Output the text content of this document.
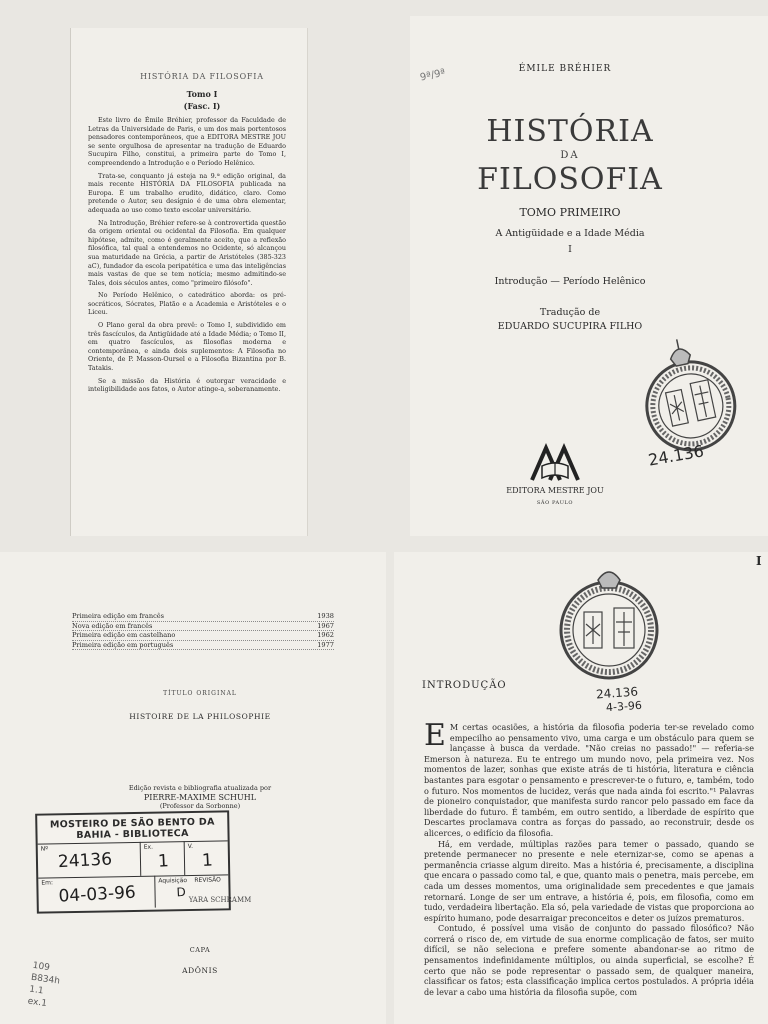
HISTÓRIA DA FILOSOFIA
Tomo I
(Fasc. I)

Este livro de Émile Bréhier, professor da Faculdade de Letras da Universidade de Paris, e um dos mais portentosos pensadores contemporâneos, que a EDITORA MESTRE JOU se sente orgulhosa de apresentar na tradução de Eduardo Sucupira Filho, constitui, a primeira parte do Tomo I, compreendendo a Introdução e o Período Helênico.

Trata-se, conquanto já esteja na 9.ª edição original, da mais recente HISTÓRIA DA FILOSOFIA publicada na Europa. É um trabalho erudito, didático, claro. Como pretende o Autor, seu desígnio é de uma obra elementar, adequada ao uso como texto escolar universitário.

Na Introdução, Bréhier refere-se à controvertida questão da origem oriental ou ocidental da Filosofia. Em qualquer hipótese, admite, como é geralmente aceito, que a reflexão filosófica, tal qual a entendemos no Ocidente, só alcançou sua maturidade na Grécia, a partir de Aristóteles (385-323 aC), fundador da escola peripatética e uma das inteligências mais vastas de que se tem notícia; mesmo admitindo-se Tales, dois séculos antes, como "primeiro filósofo".

No Período Helênico, o catedrático aborda: os pré-socráticos, Sócrates, Platão e a Academia e Aristóteles e o Liceu.

O Plano geral da obra prevê: o Tomo I, subdividido em três fascículos, da Antigüidade até a Idade Média; o Tomo II, em quatro fascículos, as filosofias moderna e contemporânea, e ainda dois suplementos: A Filosofia no Oriente, de P. Masson-Oursel e a Filosofia Bizantina por B. Tatakis.

Se a missão da História é outorgar veracidade e inteligibilidade aos fatos, o Autor atinge-a, soberanamente.

9ª/9ª	ÉMILE BRÉHIER
HISTÓRIA
DA
FILOSOFIA
TOMO PRIMEIRO
A Antigüidade e a Idade Média
I
Introdução — Período Helênico
Tradução de
EDUARDO SUCUPIRA FILHO
24.136
EDITORA MESTRE JOU
SÃO PAULO
Primeira edição em francês	1938
Nova edição em francês	1967
Primeira edição em castelhano	1962
Primeira edição em português	1977
TÍTULO ORIGINAL
HISTOIRE DE LA PHILOSOPHIE
Edição revista e bibliografia atualizada por
PIERRE-MAXIME SCHUHL
(Professor da Sorbonne)
MOSTEIRO DE SÃO BENTO DA
BAHIA - BIBLIOTECA
Nº
24136
Ex.
1
V.
1
Em: 04-03-96
Aquisição REVISÃO
D
YARA SCHRAMM
CAPA
ADÔNIS
109 B834h 1.1 ex.1
I
24.136
4-3-96
INTRODUÇÃO

E M certas ocasiões, a história da filosofia poderia ter-se revelado como empecilho ao pensamento vivo, uma carga e um obstáculo para quem se lançasse à busca da verdade. "Não creias no passado!" — referia-se Emerson à natureza. Eu te entrego um mundo novo, pela primeira vez. Nos momentos de lazer, sonhas que existe atrás de ti história, literatura e ciência bastantes para esgotar o pensamento e prescrever-te o futuro, e, também, todo o futuro. Nos momentos de lucidez, verás que nada ainda foi escrito."¹ Palavras de pioneiro conquistador, que manifesta surdo rancor pelo passado em face da liberdade do futuro. É também, em outro sentido, a liberdade de espírito que Descartes proclamava contra as forças do passado, ao reconstruir, desde os alicerces, o edifício da filosofia.

Há, em verdade, múltiplas razões para temer o passado, quando se pretende permanecer no presente e nele eternizar-se, como se apenas a permanência criasse algum direito. Mas a história é, precisamente, a disciplina que encara o passado como tal, e que, quanto mais o penetra, mais percebe, em cada um desses momentos, uma originalidade sem precedentes e que jamais retornará. Longe de ser um entrave, a história é, pois, em filosofia, como em tudo, verdadeira libertação. Ela só, pela variedade de vistas que proporciona ao espírito humano, pode desarraigar preconceitos e deter os juízos prematuros.

Contudo, é possível uma visão de conjunto do passado filosófico? Não correrá o risco de, em virtude de sua enorme complicação de fatos, ser muito difícil, se não seleciona e prefere somente abandonar-se ao ritmo de pensamentos indefinidamente múltiplos, ou ainda superficial, se escolhe? É certo que não se pode representar o passado sem, de qualquer maneira, classificar os fatos; esta classificação implica certos postulados. A própria idéia de levar a cabo uma história da filosofia supõe, com
